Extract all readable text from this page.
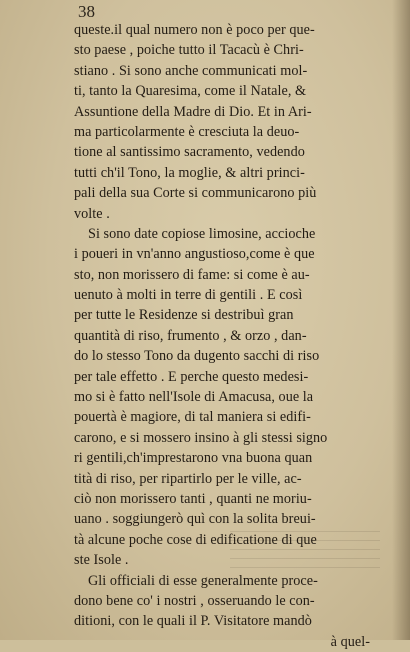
38
queste.il qual numero non è poco per que-
sto paese , poiche tutto il Tacacù è Chri-
stiano . Si sono anche communicati mol-
ti, tanto la Quaresima, come il Natale, &
Assuntione della Madre di Dio. Et in Ari-
ma particolarmente è cresciuta la deuo-
tione al santissimo sacramento, vedendo
tutti ch'il Tono, la moglie, & altri princi-
pali della sua Corte si communicarono più
volte .
Si sono date copiose limosine, accioche
i poueri in vn'anno angustioso,come è que
sto, non morissero di fame: si come è au-
uenuto à molti in terre di gentili . E così
per tutte le Residenze si destribuì gran
quantità di riso, frumento , & orzo , dan-
do lo stesso Tono da dugento sacchi di riso
per tale effetto . E perche questo medesi-
mo si è fatto nell'Isole di Amacusa, oue la
pouertà è magiore, di tal maniera si edifi-
carono, e si mossero insino à gli stessi signo
ri gentili,ch'imprestarono vna buona quan
tità di riso, per ripartirlo per le ville, ac-
ciò non morissero tanti , quanti ne moriu-
uano . soggiungerò quì con la solita breui-
tà alcune poche cose di edificatione di que
ste Isole .
Gli officiali di esse generalmente proce-
dono bene co' i nostri , osseruando le con-
ditioni, con le quali il P. Visitatore mandò
à quel-
